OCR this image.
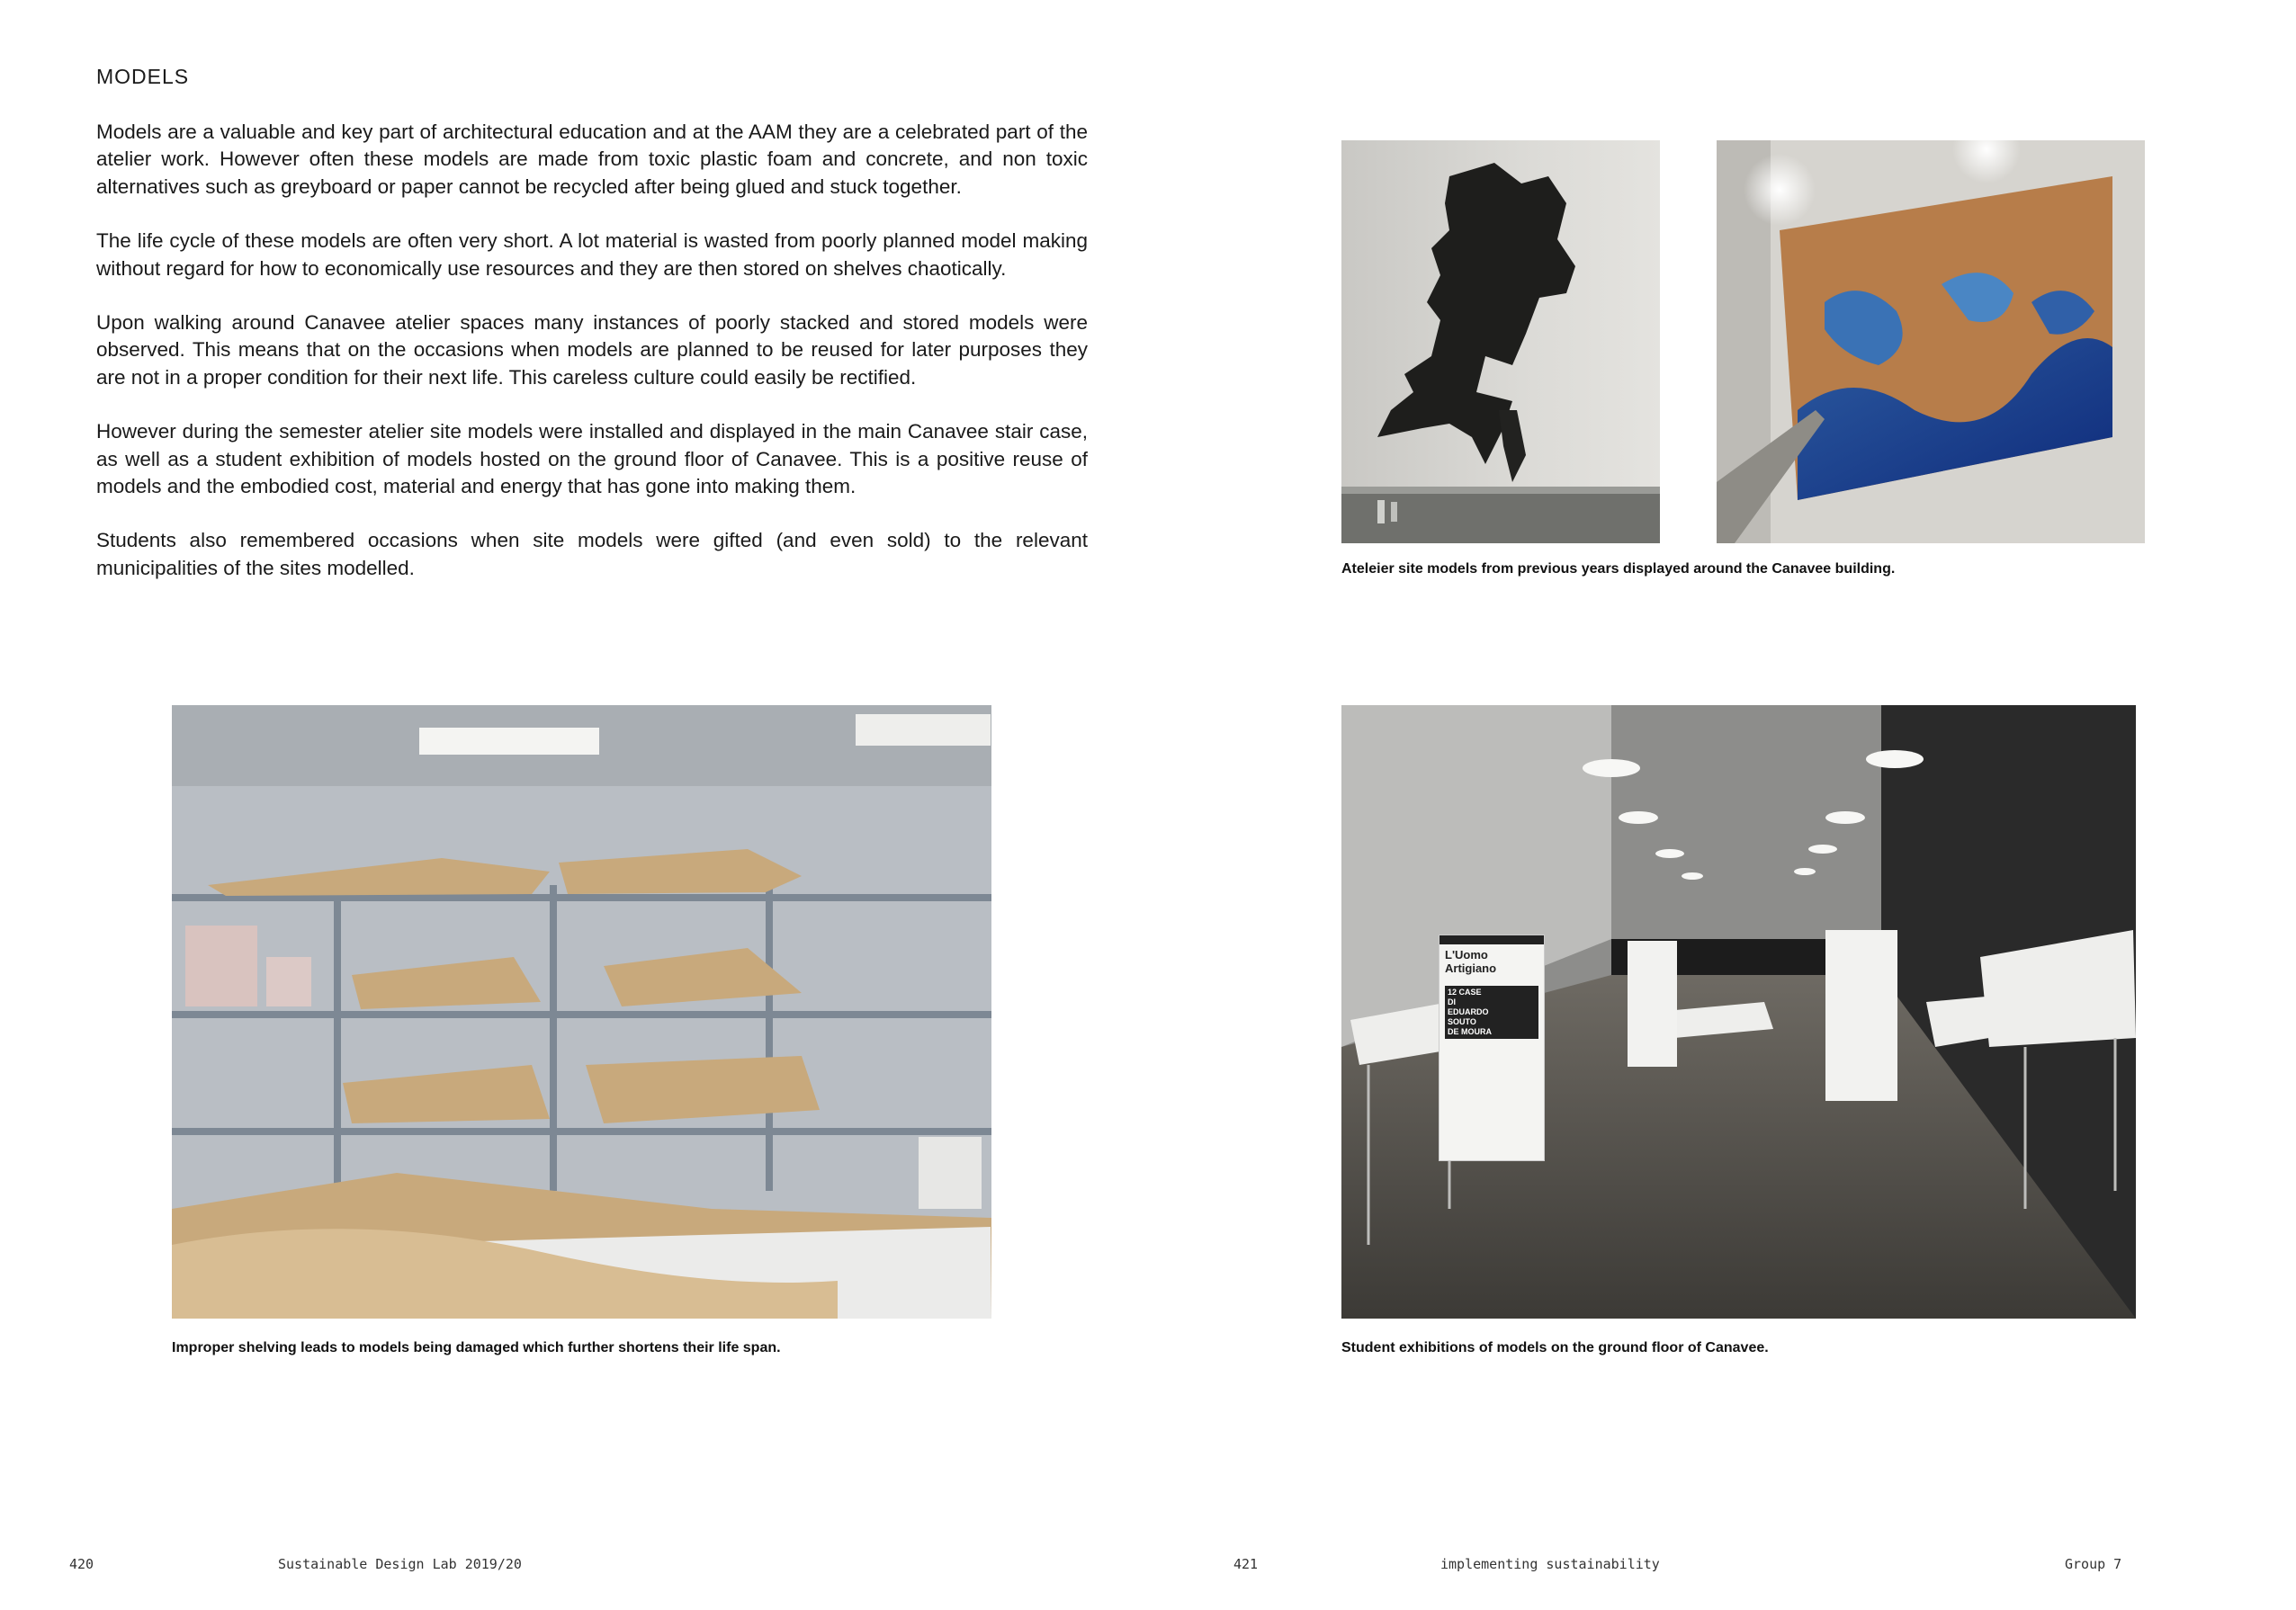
MODELS

Models are a valuable and key part of architectural education and at the AAM they are a celebrated part of the atelier work. However often these models are made from toxic plastic foam and concrete, and non toxic alternatives such as greyboard or paper cannot be recycled after being glued and stuck together.

The life cycle of these models are often very short. A lot material is wasted from poorly planned model making without regard for how to economically use resources and they are then stored on shelves chaotically.

Upon walking around Canavee atelier spaces many instances of poorly stacked and stored models were observed. This means that on the occasions when models are planned to be reused for later purposes they are not in a proper condition for their next life. This careless culture could easily be rectified.

However during the semester atelier site models were installed and displayed in the main Canavee stair case, as well as a student exhibition of models hosted on the ground floor of Canavee. This is a positive reuse of models and the embodied cost, material and energy that has gone into making them.

Students also remembered occasions when site models were gifted (and even sold) to the relevant municipalities of the sites modelled.	Ateleier site models from previous years displayed around the Canavee building.
Improper shelving leads to models being damaged which further shortens their life span.
L'Uomo
Artigiano
12 CASE
DI
EDUARDO
SOUTO
DE MOURA
Student exhibitions of models on the ground floor of Canavee.
420	Sustainable Design Lab 2019/20	421	implementing sustainability	Group 7
